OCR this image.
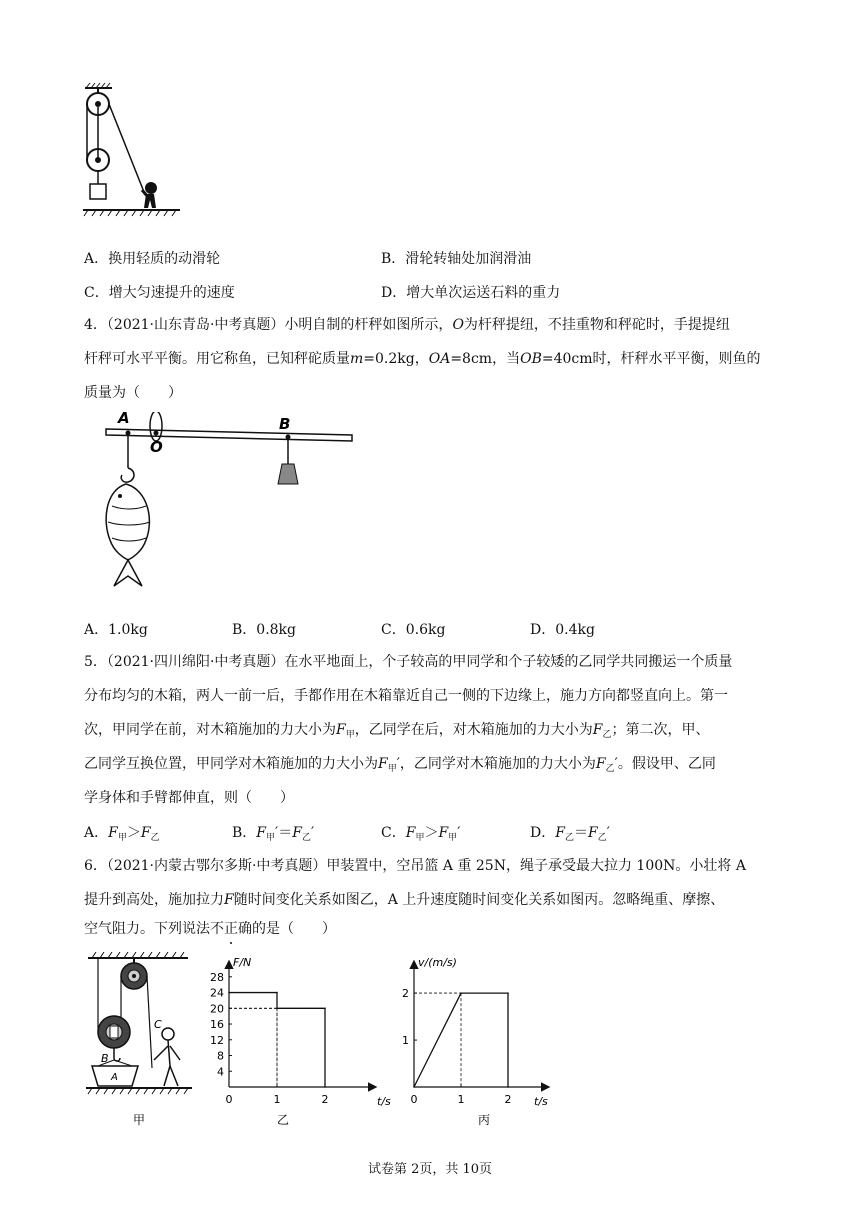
A．换用轻质的动滑轮	B．滑轮转轴处加润滑油
C．增大匀速提升的速度	D．增大单次运送石料的重力
4．（2021·山东青岛·中考真题）小明自制的杆秤如图所示，O为杆秤提纽，不挂重物和秤砣时，手提提纽
杆秤可水平平衡。用它称鱼，已知秤砣质量m=0.2kg，OA=8cm，当OB=40cm时，杆秤水平平衡，则鱼的
质量为（　　）
A
O
B
A．1.0kg	B．0.8kg	C．0.6kg	D．0.4kg
5．（2021·四川绵阳·中考真题）在水平地面上，个子较高的甲同学和个子较矮的乙同学共同搬运一个质量
分布均匀的木箱，两人一前一后，手都作用在木箱靠近自己一侧的下边缘上，施力方向都竖直向上。第一
次，甲同学在前，对木箱施加的力大小为$F_甲$，乙同学在后，对木箱施加的力大小为$F_乙$；第二次，甲、
乙同学互换位置，甲同学对木箱施加的力大小为$F_甲'$，乙同学对木箱施加的力大小为$F_乙'$。假设甲、乙同
学身体和手臂都伸直，则（　　）
A．$F_甲>F_乙$	B．$F_甲'=F_乙'$	C．$F_甲>F_甲'$	D．$F_乙=F_乙'$
6．（2021·内蒙古鄂尔多斯·中考真题）甲装置中，空吊篮 A 重 25N，绳子承受最大拉力 100N。小壮将 A
提升到高处，施加拉力F随时间变化关系如图乙，A 上升速度随时间变化关系如图丙。忽略绳重、摩擦、
空气阻力。下列说法不正确的是（　　）
B
C
A
甲
0	1	2
4
8
12
16
20
24
28
F/N
t/s
乙
0	1	2
1
2
v/(m/s)
t/s
丙
试卷第 2页，共 10页
